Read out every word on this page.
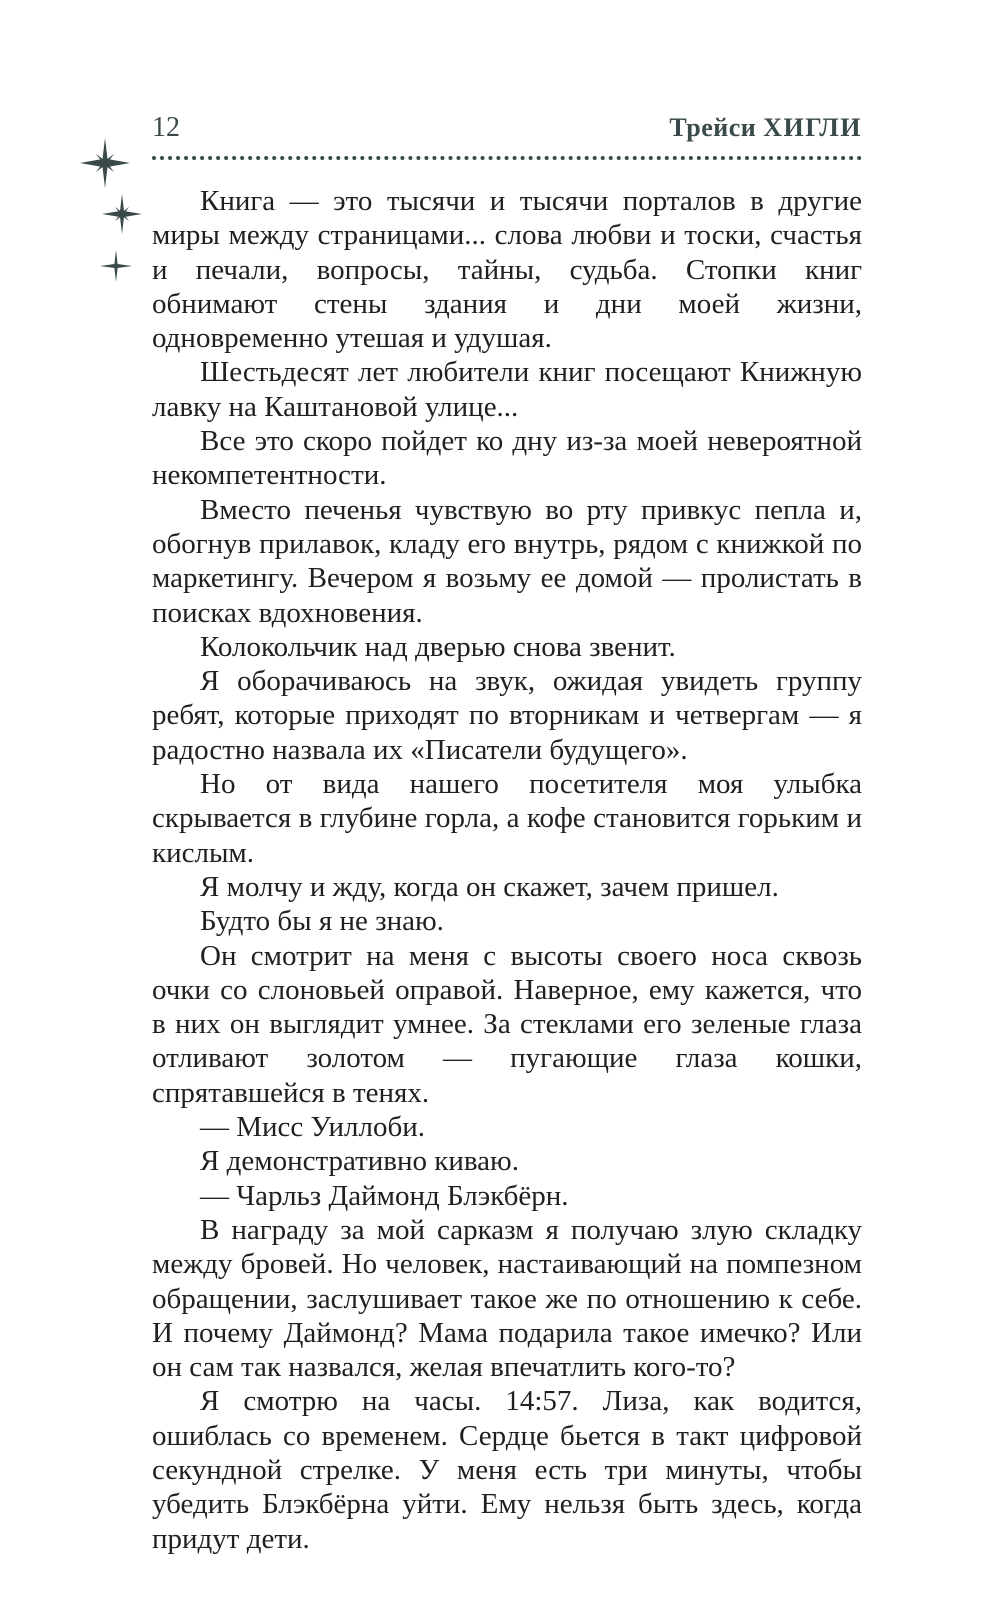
12	Трейси ХИГЛИ

Книга — это тысячи и тысячи порталов в другие миры между страницами... слова любви и тоски, счастья и печали, вопросы, тайны, судьба. Стопки книг обнимают стены здания и дни моей жизни, одновременно утешая и удушая.

Шестьдесят лет любители книг посещают Книжную лавку на Каштановой улице...

Все это скоро пойдет ко дну из-за моей невероятной некомпетентности.

Вместо печенья чувствую во рту привкус пепла и, обогнув прилавок, кладу его внутрь, рядом с книжкой по маркетингу. Вечером я возьму ее домой — пролистать в поисках вдохновения.

Колокольчик над дверью снова звенит.

Я оборачиваюсь на звук, ожидая увидеть группу ребят, которые приходят по вторникам и четвергам — я радостно назвала их «Писатели будущего».

Но от вида нашего посетителя моя улыбка скрывается в глубине горла, а кофе становится горьким и кислым.

Я молчу и жду, когда он скажет, зачем пришел.

Будто бы я не знаю.

Он смотрит на меня с высоты своего носа сквозь очки со слоновьей оправой. Наверное, ему кажется, что в них он выглядит умнее. За стеклами его зеленые глаза отливают золотом — пугающие глаза кошки, спрятавшейся в тенях.

— Мисс Уиллоби.

Я демонстративно киваю.

— Чарльз Даймонд Блэкбёрн.

В награду за мой сарказм я получаю злую складку между бровей. Но человек, настаивающий на помпезном обращении, заслушивает такое же по отношению к себе. И почему Даймонд? Мама подарила такое имечко? Или он сам так назвался, желая впечатлить кого-то?

Я смотрю на часы. 14:57. Лиза, как водится, ошиблась со временем. Сердце бьется в такт цифровой секундной стрелке. У меня есть три минуты, чтобы убедить Блэкбёрна уйти. Ему нельзя быть здесь, когда придут дети.
